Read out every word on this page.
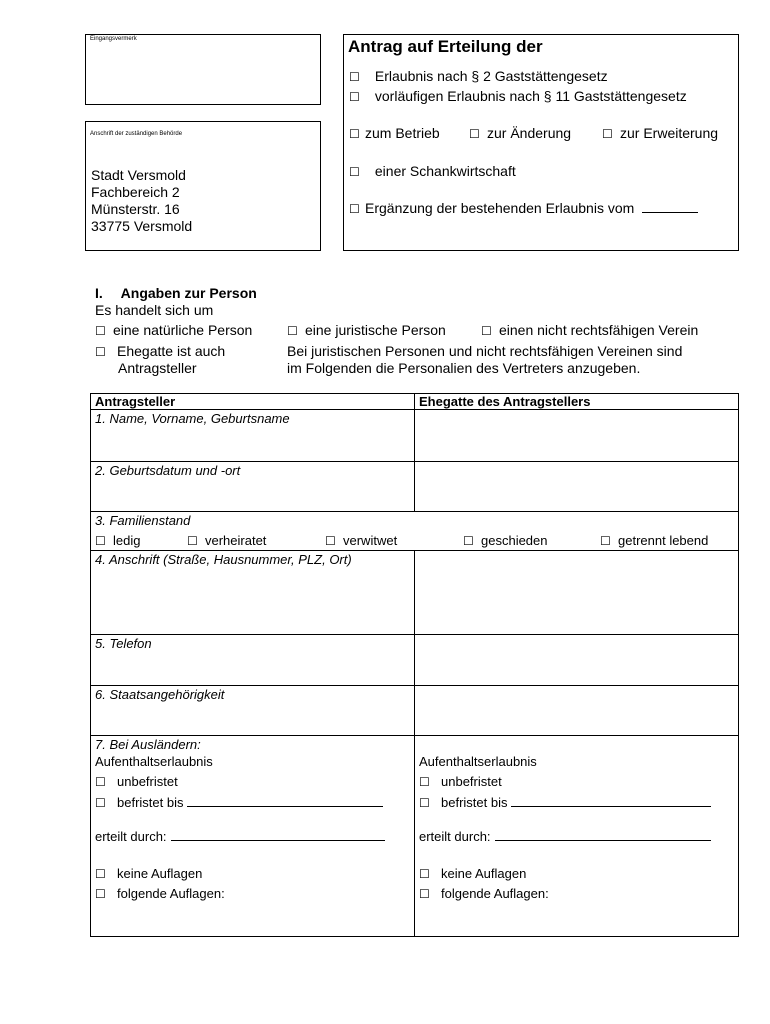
Eingangsvermerk
Anschrift der zuständigen Behörde
Stadt Versmold
Fachbereich 2
Münsterstr. 16
33775 Versmold
Antrag auf Erteilung der
☐ Erlaubnis nach § 2 Gaststättengesetz
☐ vorläufigen Erlaubnis nach § 11 Gaststättengesetz
☐ zum Betrieb ☐ zur Änderung	☐ zur Erweiterung
☐ einer Schankwirtschaft
☐ Ergänzung der bestehenden Erlaubnis vom
I. Angaben zur Person
Es handelt sich um
☐ eine natürliche Person	☐ eine juristische Person	☐ einen nicht rechtsfähigen Verein
☐ Ehegatte ist auch
Antragsteller
Bei juristischen Personen und nicht rechtsfähigen Vereinen sind
im Folgenden die Personalien des Vertreters anzugeben.
Antragsteller	Ehegatte des Antragstellers
1. Name, Vorname, Geburtsname
2. Geburtsdatum und -ort
3. Familienstand
☐ ledig	☐ verheiratet	☐ verwitwet	☐ geschieden	☐ getrennt lebend
4. Anschrift (Straße, Hausnummer, PLZ, Ort)
5. Telefon
6. Staatsangehörigkeit
7. Bei Ausländern:
Aufenthaltserlaubnis
☐ unbefristet
☐ befristet bis
erteilt durch:
☐ keine Auflagen
☐ folgende Auflagen:
Aufenthaltserlaubnis
☐ unbefristet
☐ befristet bis
erteilt durch:
☐ keine Auflagen
☐ folgende Auflagen:
